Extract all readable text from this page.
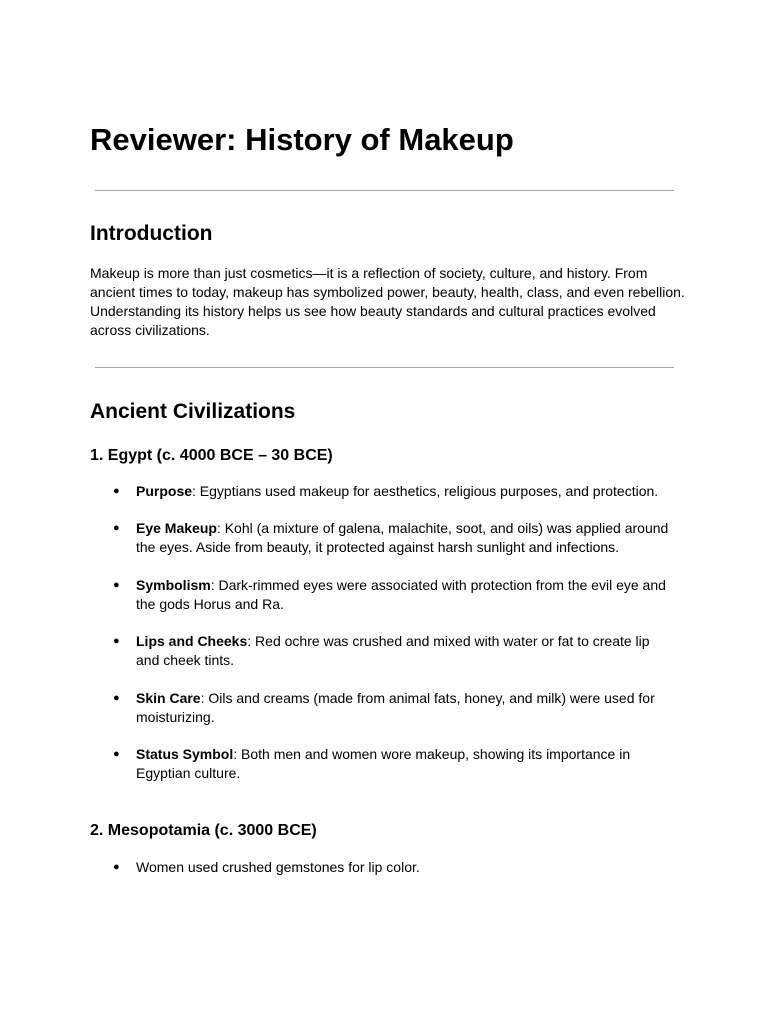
Reviewer: History of Makeup
Introduction

Makeup is more than just cosmetics—it is a reflection of society, culture, and history. From ancient times to today, makeup has symbolized power, beauty, health, class, and even rebellion. Understanding its history helps us see how beauty standards and cultural practices evolved across civilizations.

Ancient Civilizations
1. Egypt (c. 4000 BCE – 30 BCE)
● Purpose: Egyptians used makeup for aesthetics, religious purposes, and protection.
● Eye Makeup: Kohl (a mixture of galena, malachite, soot, and oils) was applied around the eyes. Aside from beauty, it protected against harsh sunlight and infections.
● Symbolism: Dark-rimmed eyes were associated with protection from the evil eye and the gods Horus and Ra.
● Lips and Cheeks: Red ochre was crushed and mixed with water or fat to create lip and cheek tints.
● Skin Care: Oils and creams (made from animal fats, honey, and milk) were used for moisturizing.
● Status Symbol: Both men and women wore makeup, showing its importance in Egyptian culture.
2. Mesopotamia (c. 3000 BCE)
● Women used crushed gemstones for lip color.
